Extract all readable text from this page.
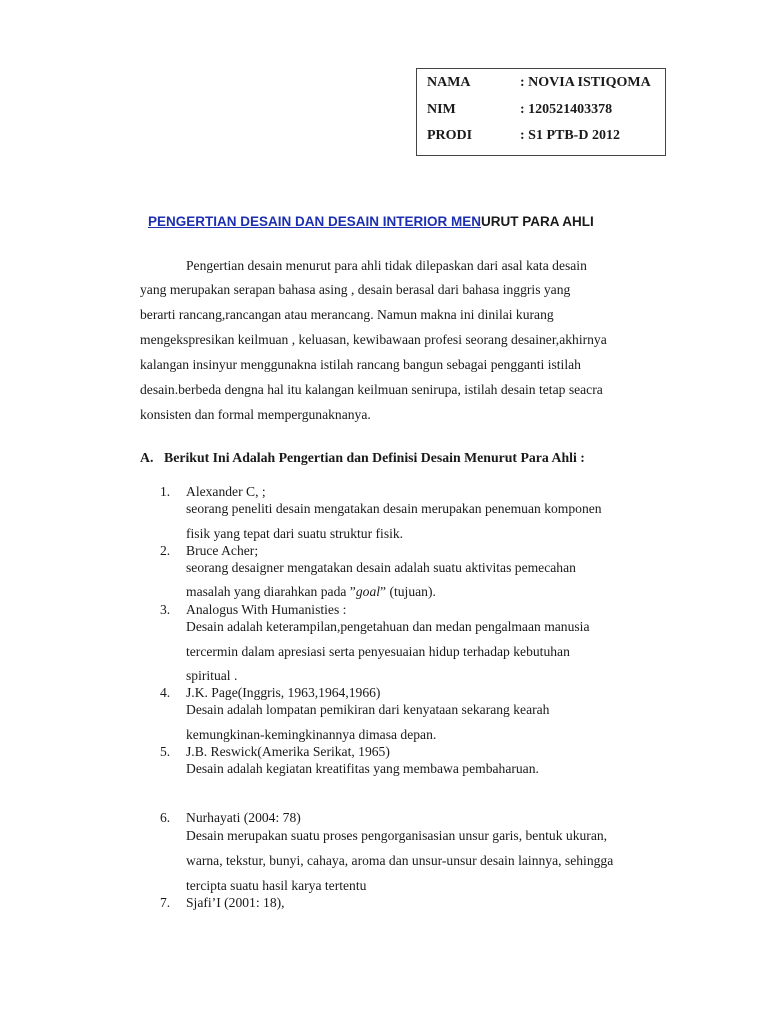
NAMA	: NOVIA ISTIQOMA
NIM	: 120521403378
PRODI	: S1 PTB-D 2012
PENGERTIAN DESAIN DAN DESAIN INTERIOR MENURUT PARA AHLI
Pengertian desain menurut para ahli tidak dilepaskan dari asal kata desain
yang merupakan serapan bahasa asing , desain berasal dari bahasa inggris yang
berarti rancang,rancangan atau merancang. Namun makna ini dinilai kurang
mengekspresikan keilmuan , keluasan, kewibawaan profesi seorang desainer,akhirnya
kalangan insinyur menggunakna istilah rancang bangun sebagai pengganti istilah
desain.berbeda dengna hal itu kalangan keilmuan senirupa, istilah desain tetap seacra
konsisten dan formal mempergunaknanya.
A. Berikut Ini Adalah Pengertian dan Definisi Desain Menurut Para Ahli :
1. Alexander C, ;
seorang peneliti desain mengatakan desain merupakan penemuan komponen
fisik yang tepat dari suatu struktur fisik.
2. Bruce Acher;
seorang desaigner mengatakan desain adalah suatu aktivitas pemecahan
masalah yang diarahkan pada ”goal” (tujuan).
3. Analogus With Humanisties :
Desain adalah keterampilan,pengetahuan dan medan pengalmaan manusia
tercermin dalam apresiasi serta penyesuaian hidup terhadap kebutuhan
spiritual .
4. J.K. Page(Inggris, 1963,1964,1966)
Desain adalah lompatan pemikiran dari kenyataan sekarang kearah
kemungkinan-kemingkinannya dimasa depan.
5. J.B. Reswick(Amerika Serikat, 1965)
Desain adalah kegiatan kreatifitas yang membawa pembaharuan.
6. Nurhayati (2004: 78)
Desain merupakan suatu proses pengorganisasian unsur garis, bentuk ukuran,
warna, tekstur, bunyi, cahaya, aroma dan unsur-unsur desain lainnya, sehingga
tercipta suatu hasil karya tertentu
7. Sjafi’I (2001: 18),
